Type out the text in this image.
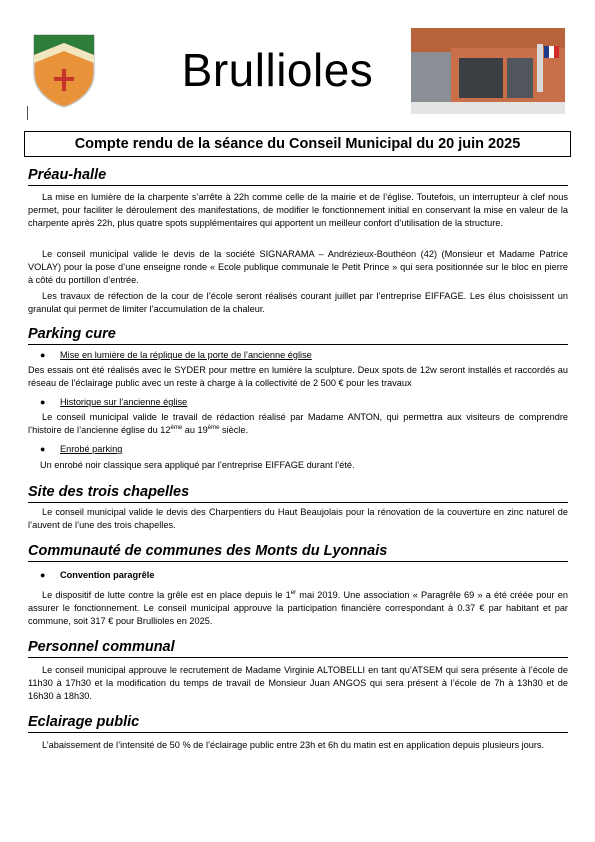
Brullioles
Compte rendu de la séance du Conseil Municipal du 20 juin 2025
Préau-halle

La mise en lumière de la charpente s’arrête à 22h comme celle de la mairie et de l’église. Toutefois, un interrupteur à clef nous permet, pour faciliter le déroulement des manifestations, de modifier le fonctionnement initial en conservant la mise en valeur de la charpente après 22h, plus quatre spots supplémentaires qui apportent un meilleur confort d’utilisation de la structure.

Le conseil municipal valide le devis de la société SIGNARAMA – Andrézieux-Bouthéon (42) (Monsieur et Madame Patrice VOLAY) pour la pose d’une enseigne ronde « Ecole publique communale le Petit Prince » qui sera positionnée sur le bloc en pierre à côté du portillon d’entrée.

Les travaux de réfection de la cour de l’école seront réalisés courant juillet par l’entreprise EIFFAGE. Les élus choisissent un granulat qui permet de limiter l’accumulation de la chaleur.

Parking cure
● Mise en lumière de la réplique de la porte de l’ancienne église

Des essais ont été réalisés avec le SYDER pour mettre en lumière la sculpture. Deux spots de 12w seront installés et raccordés au réseau de l’éclairage public avec un reste à charge à la collectivité de 2 500 € pour les travaux

● Historique sur l’ancienne église

Le conseil municipal valide le travail de rédaction réalisé par Madame ANTON, qui permettra aux visiteurs de comprendre l’histoire de l’ancienne église du 12ème au 19ème siècle.

● Enrobé parking

Un enrobé noir classique sera appliqué par l’entreprise EIFFAGE durant l’été.

Site des trois chapelles

Le conseil municipal valide le devis des Charpentiers du Haut Beaujolais pour la rénovation de la couverture en zinc naturel de l’auvent de l’une des trois chapelles.

Communauté de communes des Monts du Lyonnais
● Convention paragrêle

Le dispositif de lutte contre la grêle est en place depuis le 1er mai 2019. Une association « Paragrêle 69 » a été créée pour en assurer le fonctionnement. Le conseil municipal approuve la participation financière correspondant à 0.37 € par habitant et par commune, soit 317 € pour Brullioles en 2025.

Personnel communal

Le conseil municipal approuve le recrutement de Madame Virginie ALTOBELLI en tant qu’ATSEM qui sera présente à l’école de 11h30 à 17h30 et la modification du temps de travail de Monsieur Juan ANGOS qui sera présent à l’école de 7h à 13h30 et de 16h30 à 18h30.

Eclairage public

L’abaissement de l’intensité de 50 % de l’éclairage public entre 23h et 6h du matin est en application depuis plusieurs jours.
